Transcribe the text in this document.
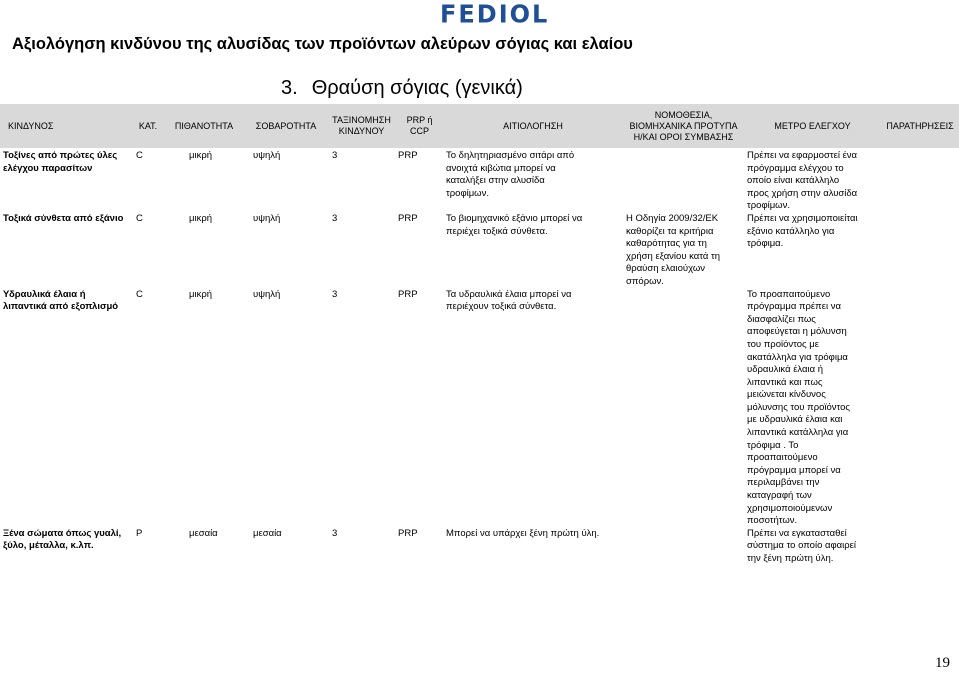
FEDIOL
Αξιολόγηση κινδύνου της αλυσίδας των προϊόντων αλεύρων σόγιας και ελαίου
3. Θραύση σόγιας (γενικά)
ΚΙΝΔΥΝΟΣ	ΚΑΤ.	ΠΙΘΑΝΟΤΗΤΑ	ΣΟΒΑΡΟΤΗΤΑ	ΤΑΞΙΝΟΜΗΣΗ ΚΙΝΔΥΝΟΥ	PRP ή CCP	ΑΙΤΙΟΛΟΓΗΣΗ	ΝΟΜΟΘΕΣΙΑ, ΒΙΟΜΗΧΑΝΙΚΑ ΠΡΟΤΥΠΑ Η/ΚΑΙ ΟΡΟΙ ΣΥΜΒΑΣΗΣ	ΜΕΤΡΟ ΕΛΕΓΧΟΥ	ΠΑΡΑΤΗΡΗΣΕΙΣ
Τοξίνες από πρώτες ύλες ελέγχου παρασίτων	C	μικρή	υψηλή	3	PRP	Το δηλητηριασμένο σιτάρι από ανοιχτά κιβώτια μπορεί να καταλήξει στην αλυσίδα τροφίμων.		Πρέπει να εφαρμοστεί ένα πρόγραμμα ελέγχου το οποίο είναι κατάλληλο προς χρήση στην αλυσίδα τροφίμων.	
Τοξικά σύνθετα από εξάνιο	C	μικρή	υψηλή	3	PRP	Το βιομηχανικό εξάνιο μπορεί να περιέχει τοξικά σύνθετα.	Η Οδηγία 2009/32/ΕΚ καθορίζει τα κριτήρια καθαρότητας για τη χρήση εξανίου κατά τη θραύση ελαιούχων σπόρων.	Πρέπει να χρησιμοποιείται εξάνιο κατάλληλο για τρόφιμα.	
Υδραυλικά έλαια ή λιπαντικά από εξοπλισμό	C	μικρή	υψηλή	3	PRP	Τα υδραυλικά έλαια μπορεί να περιέχουν τοξικά σύνθετα.		Το προαπαιτούμενο πρόγραμμα πρέπει να διασφαλίζει πως αποφεύγεται η μόλυνση του προϊόντος με ακατάλληλα για τρόφιμα υδραυλικά έλαια ή λιπαντικά και πως μειώνεται κίνδυνος μόλυνσης του προϊόντος με υδραυλικά έλαια και λιπαντικά κατάλληλα για τρόφιμα . Το προαπαιτούμενο πρόγραμμα μπορεί να περιλαμβάνει την καταγραφή των χρησιμοποιούμενων ποσοτήτων.	
Ξένα σώματα όπως γυαλί, ξύλο, μέταλλα, κ.λπ.	P	μεσαία	μεσαία	3	PRP	Μπορεί να υπάρχει ξένη πρώτη ύλη.		Πρέπει να εγκατασταθεί σύστημα το οποίο αφαιρεί την ξένη πρώτη ύλη.	
19
